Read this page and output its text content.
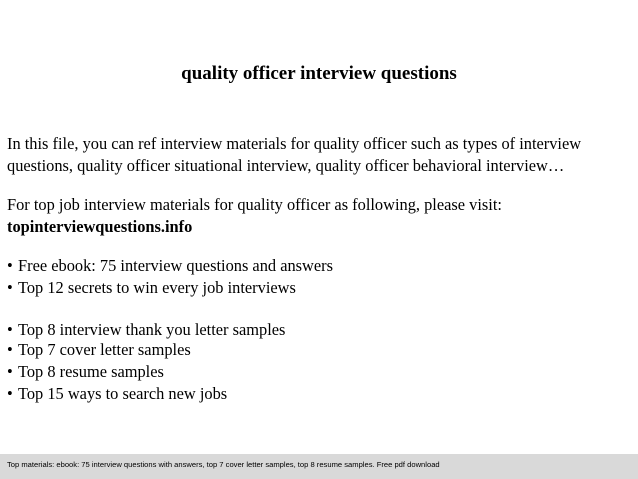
quality officer interview questions
In this file, you can ref interview materials for quality officer such as types of interview
questions, quality officer situational interview, quality officer behavioral interview…
For top job interview materials for quality officer as following, please visit:
topinterviewquestions.info
• Free ebook: 75 interview questions and answers
• Top 12 secrets to win every job interviews
• Top 8 interview thank you letter samples
• Top 7 cover letter samples
• Top 8 resume samples
• Top 15 ways to search new jobs
Top materials: ebook: 75 interview questions with answers, top 7 cover letter samples, top 8 resume samples. Free pdf download
